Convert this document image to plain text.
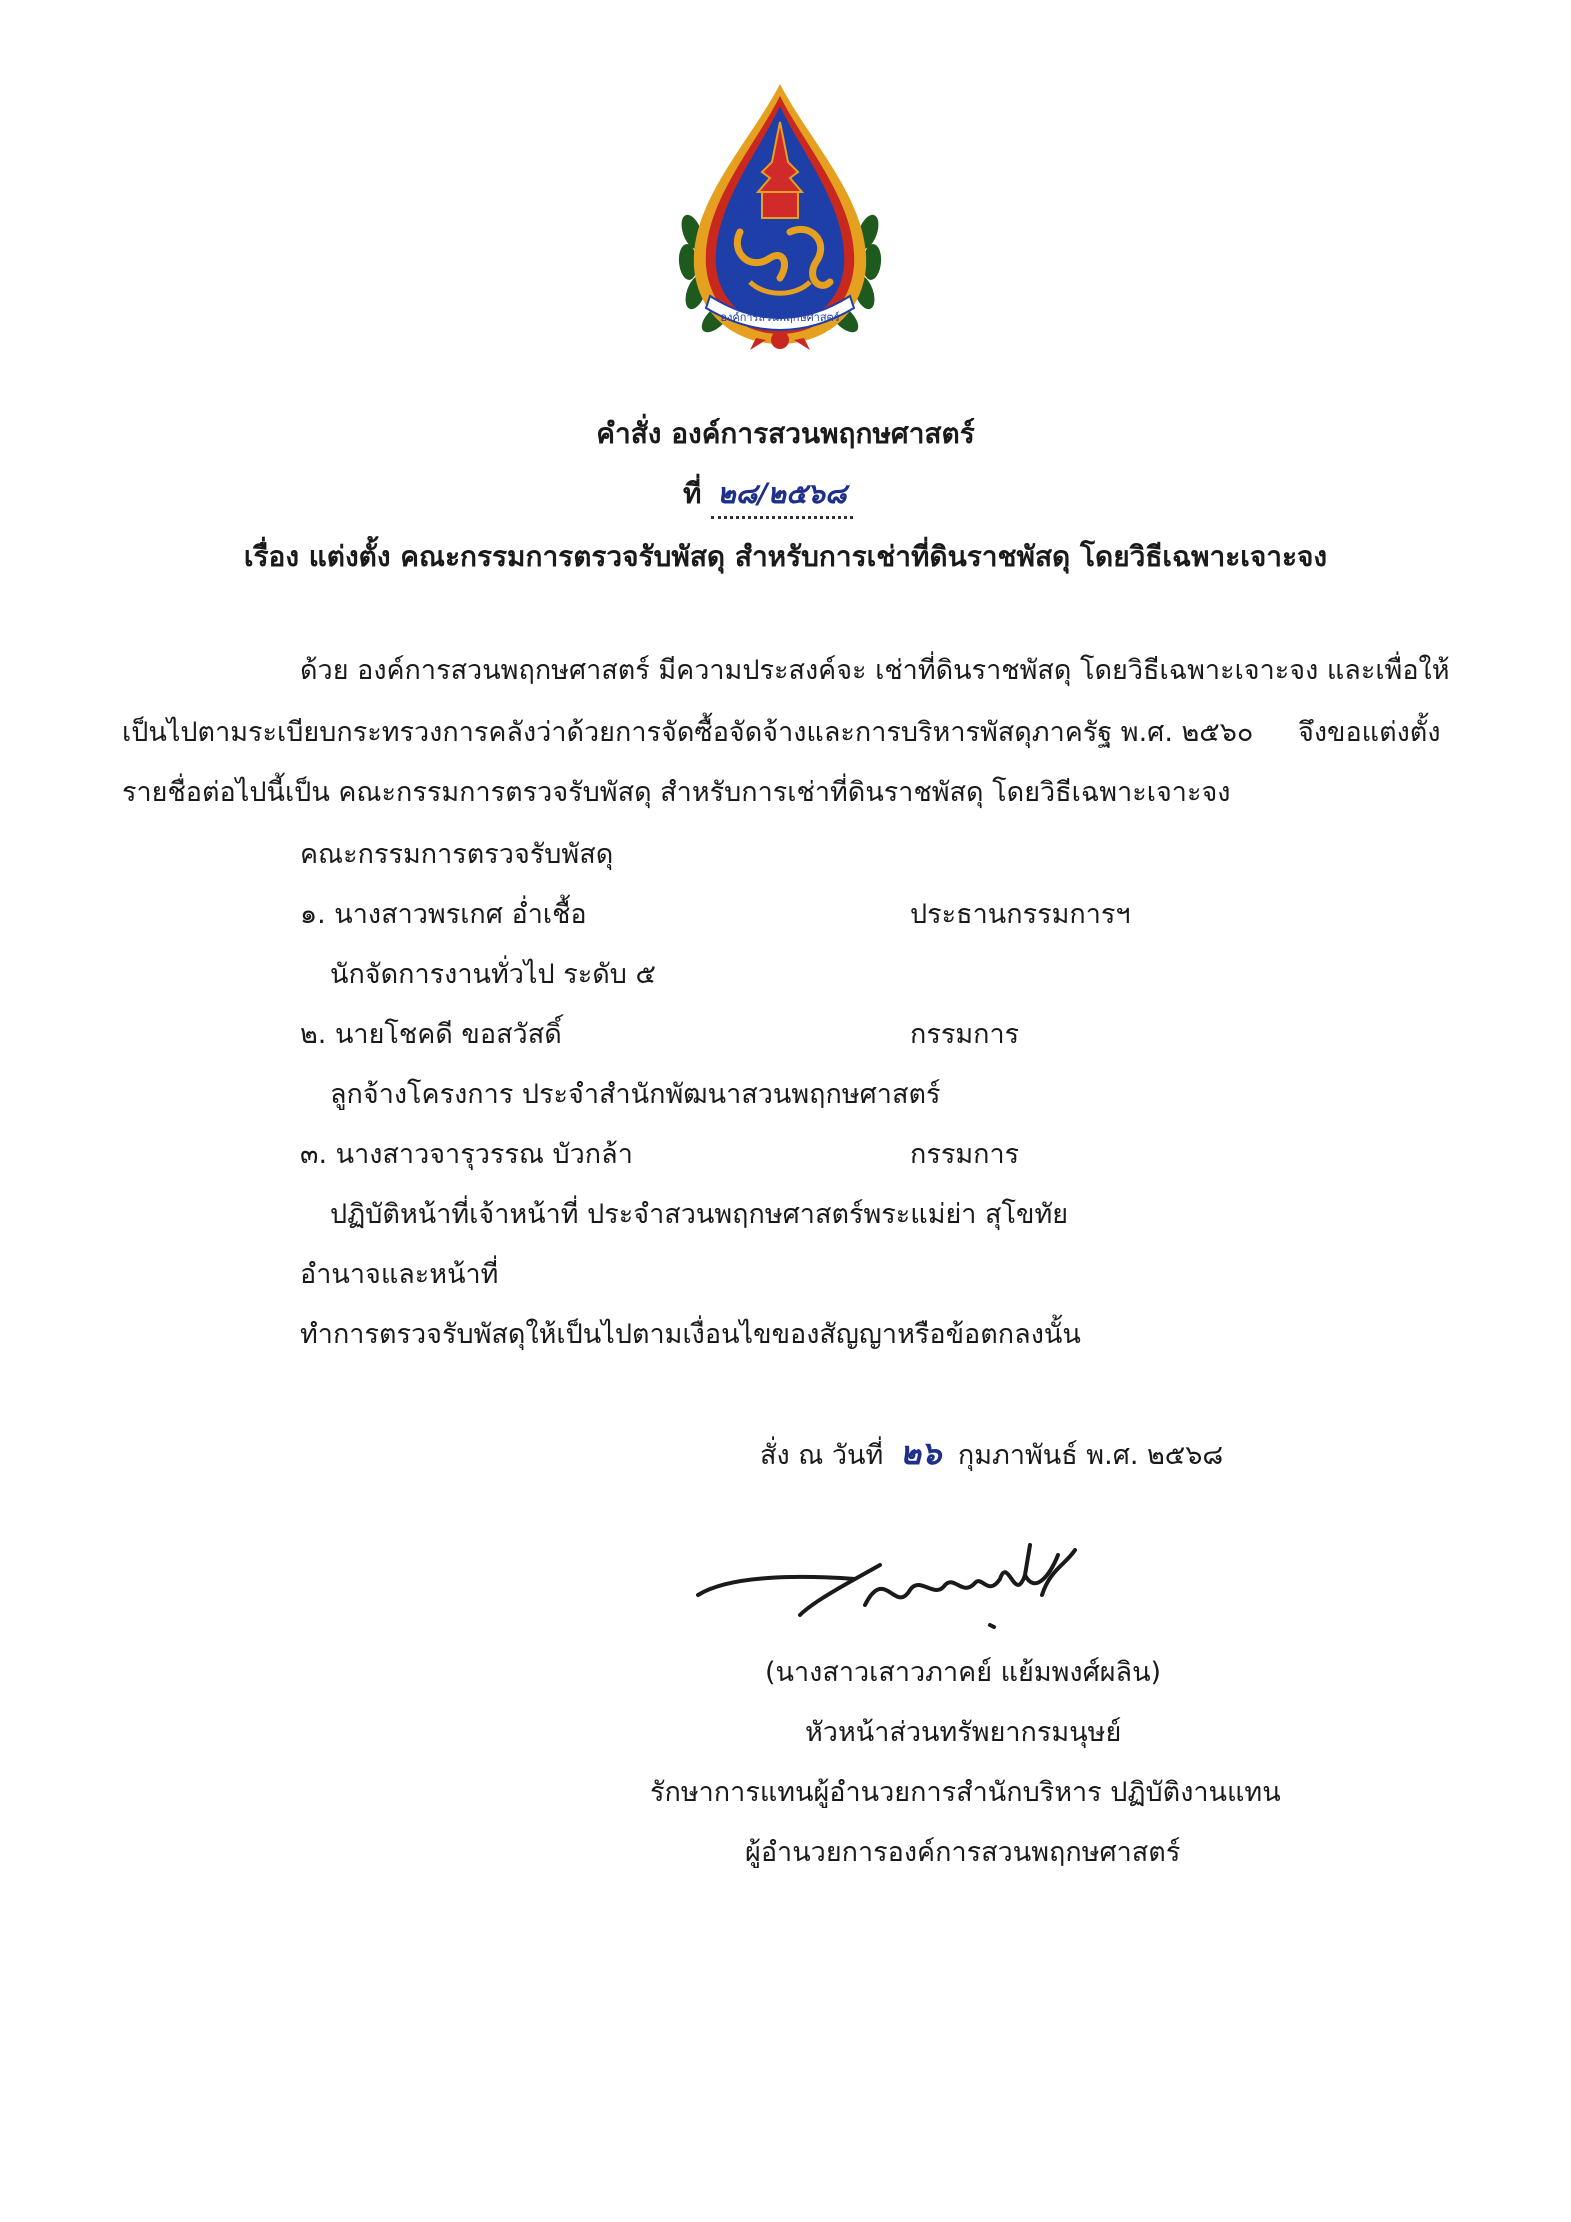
องค์การสวนพฤกษศาสตร์
คำสั่ง องค์การสวนพฤกษศาสตร์
ที่ ๒๘/๒๕๖๘
เรื่อง แต่งตั้ง คณะกรรมการตรวจรับพัสดุ สำหรับการเช่าที่ดินราชพัสดุ โดยวิธีเฉพาะเจาะจง
ด้วย องค์การสวนพฤกษศาสตร์ มีความประสงค์จะ เช่าที่ดินราชพัสดุ โดยวิธีเฉพาะเจาะจง และเพื่อให้
เป็นไปตามระเบียบกระทรวงการคลังว่าด้วยการจัดซื้อจัดจ้างและการบริหารพัสดุภาครัฐ พ.ศ. ๒๕๖๐ จึงขอแต่งตั้ง
รายชื่อต่อไปนี้เป็น คณะกรรมการตรวจรับพัสดุ สำหรับการเช่าที่ดินราชพัสดุ โดยวิธีเฉพาะเจาะจง
คณะกรรมการตรวจรับพัสดุ
๑. นางสาวพรเกศ อ่ำเชื้อ	ประธานกรรมการฯ
นักจัดการงานทั่วไป ระดับ ๕
๒. นายโชคดี ขอสวัสดิ์	กรรมการ
ลูกจ้างโครงการ ประจำสำนักพัฒนาสวนพฤกษศาสตร์
๓. นางสาวจารุวรรณ บัวกล้า	กรรมการ
ปฏิบัติหน้าที่เจ้าหน้าที่ ประจำสวนพฤกษศาสตร์พระแม่ย่า สุโขทัย
อำนาจและหน้าที่
ทำการตรวจรับพัสดุให้เป็นไปตามเงื่อนไขของสัญญาหรือข้อตกลงนั้น
สั่ง ณ วันที่ ๒๖ กุมภาพันธ์ พ.ศ. ๒๕๖๘
(นางสาวเสาวภาคย์ แย้มพงศ์ผลิน)
หัวหน้าส่วนทรัพยากรมนุษย์
รักษาการแทนผู้อำนวยการสำนักบริหาร ปฏิบัติงานแทน
ผู้อำนวยการองค์การสวนพฤกษศาสตร์
